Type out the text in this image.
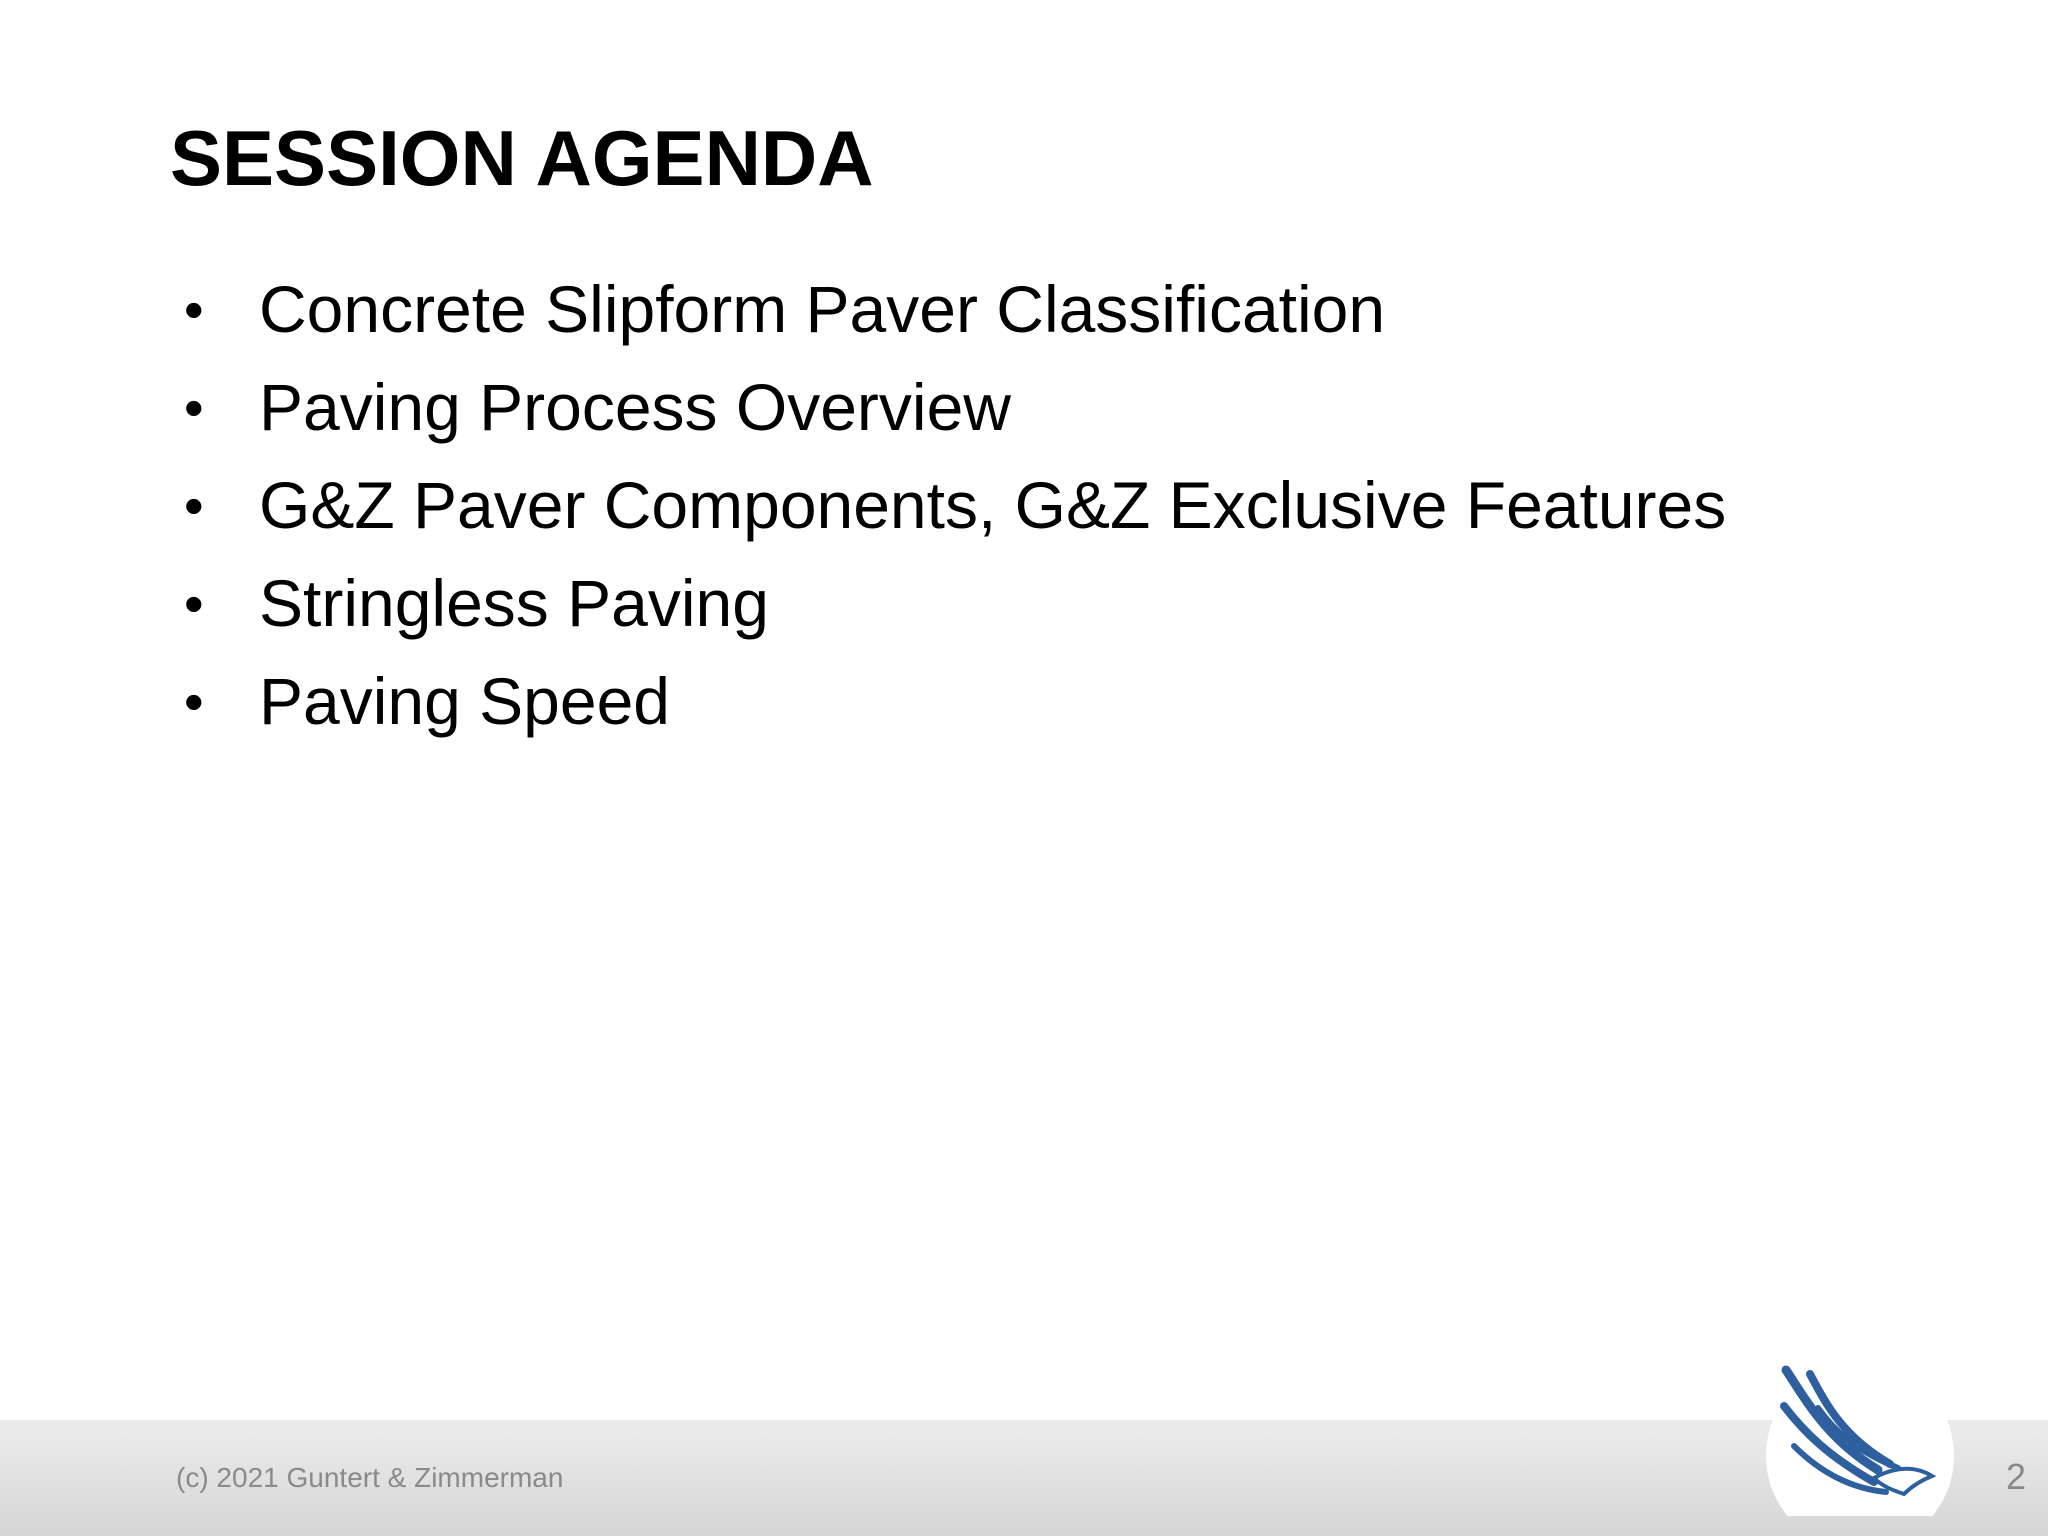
SESSION AGENDA
• Concrete Slipform Paver Classification
• Paving Process Overview
• G&Z Paver Components, G&Z Exclusive Features
• Stringless Paving
• Paving Speed
(c) 2021 Guntert & Zimmerman	2
